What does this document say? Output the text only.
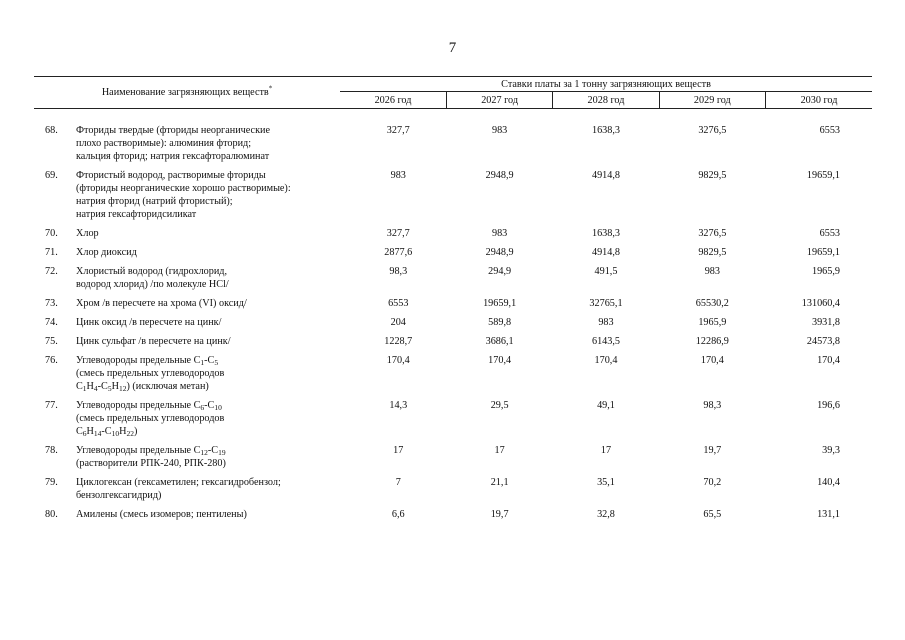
7
Наименование загрязняющих веществ*	Ставки платы за 1 тонну загрязняющих веществ				
	2026 год	2027 год	2028 год	2029 год	2030 год

68. Фториды твердые (фториды неорганические
плохо растворимые): алюминия фторид;
кальция фторид; натрия гексафторалюминат	327,7	983	1638,3	3276,5	6553

69. Фтористый водород, растворимые фториды
(фториды неорганические хорошо растворимые):
натрия фторид (натрий фтористый);
натрия гексафторидсиликат	983	2948,9	4914,8	9829,5	19659,1

70. Хлор	327,7	983	1638,3	3276,5	6553

71. Хлор диоксид	2877,6	2948,9	4914,8	9829,5	19659,1

72. Хлористый водород (гидрохлорид,
водород хлорид) /по молекуле HCl/	98,3	294,9	491,5	983	1965,9

73. Хром /в пересчете на хрома (VI) оксид/	6553	19659,1	32765,1	65530,2	131060,4

74. Цинк оксид /в пересчете на цинк/	204	589,8	983	1965,9	3931,8

75. Цинк сульфат /в пересчете на цинк/	1228,7	3686,1	6143,5	12286,9	24573,8

76. Углеводороды предельные $C_1-C_5$
(смесь предельных углеводородов
$C_1H_4-C_5H_{12}$) (исключая метан)	170,4	170,4	170,4	170,4	170,4

77. Углеводороды предельные $C_6-C_{10}$
(смесь предельных углеводородов
$C_6H_{14}-C_{10}H_{22}$)	14,3	29,5	49,1	98,3	196,6

78. Углеводороды предельные $C_{12}-C_{19}$
(растворители РПК-240, РПК-280)	17	17	17	19,7	39,3

79. Циклогексан (гексаметилен; гексагидробензол;
бензолгексагидрид)	7	21,1	35,1	70,2	140,4

80. Амилены (смесь изомеров; пентилены)	6,6	19,7	32,8	65,5	131,1
